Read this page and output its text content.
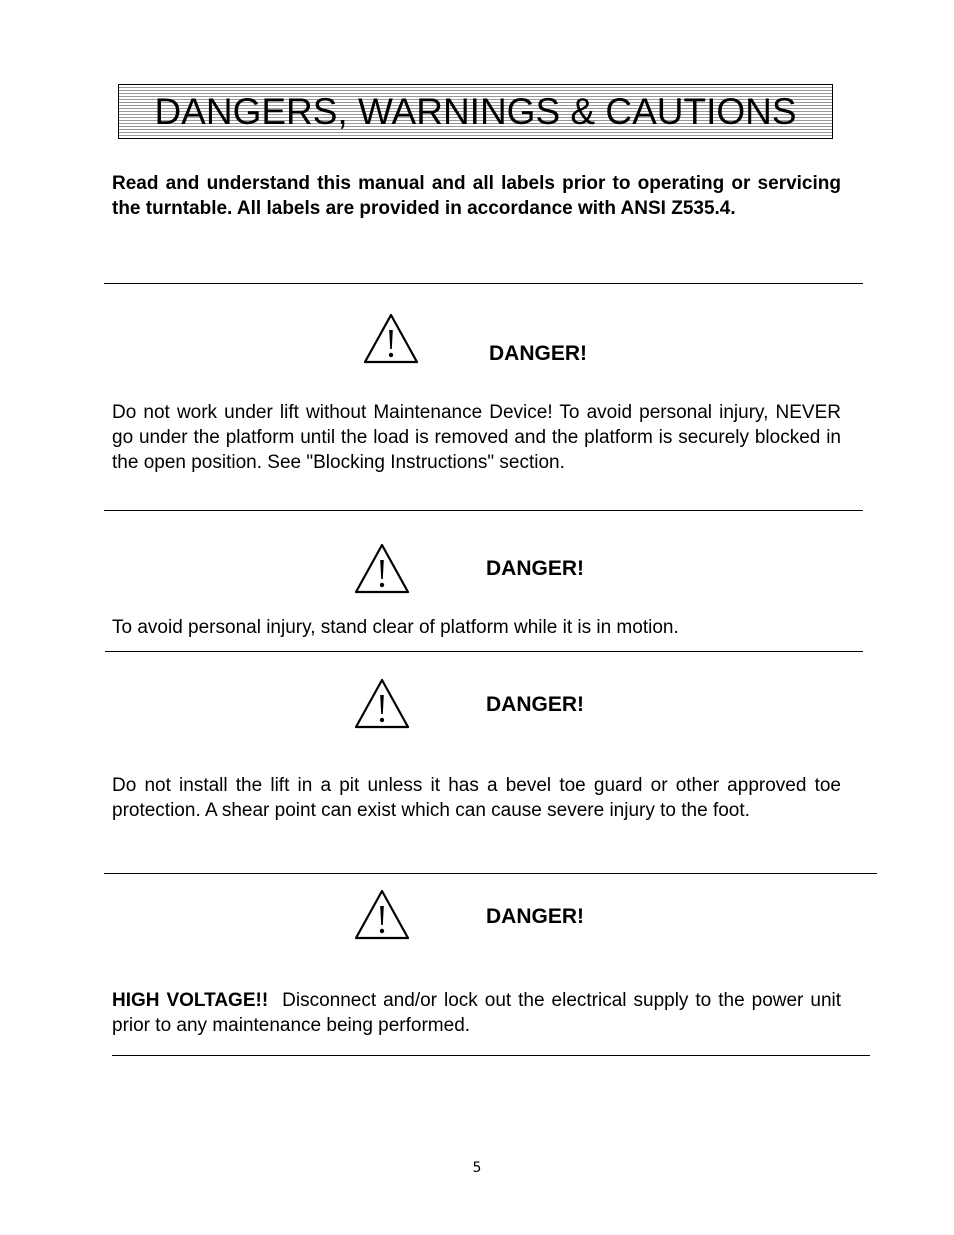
DANGERS, WARNINGS & CAUTIONS

Read and understand this manual and all labels prior to operating or servicing the turntable. All labels are provided in accordance with ANSI Z535.4.

DANGER!

Do not work under lift without Maintenance Device! To avoid personal injury, NEVER go under the platform until the load is removed and the platform is securely blocked in the open position. See "Blocking Instructions" section.

DANGER!

To avoid personal injury, stand clear of platform while it is in motion.

DANGER!

Do not install the lift in a pit unless it has a bevel toe guard or other approved toe protection. A shear point can exist which can cause severe injury to the foot.

DANGER!

HIGH VOLTAGE!! Disconnect and/or lock out the electrical supply to the power unit prior to any maintenance being performed.

5
